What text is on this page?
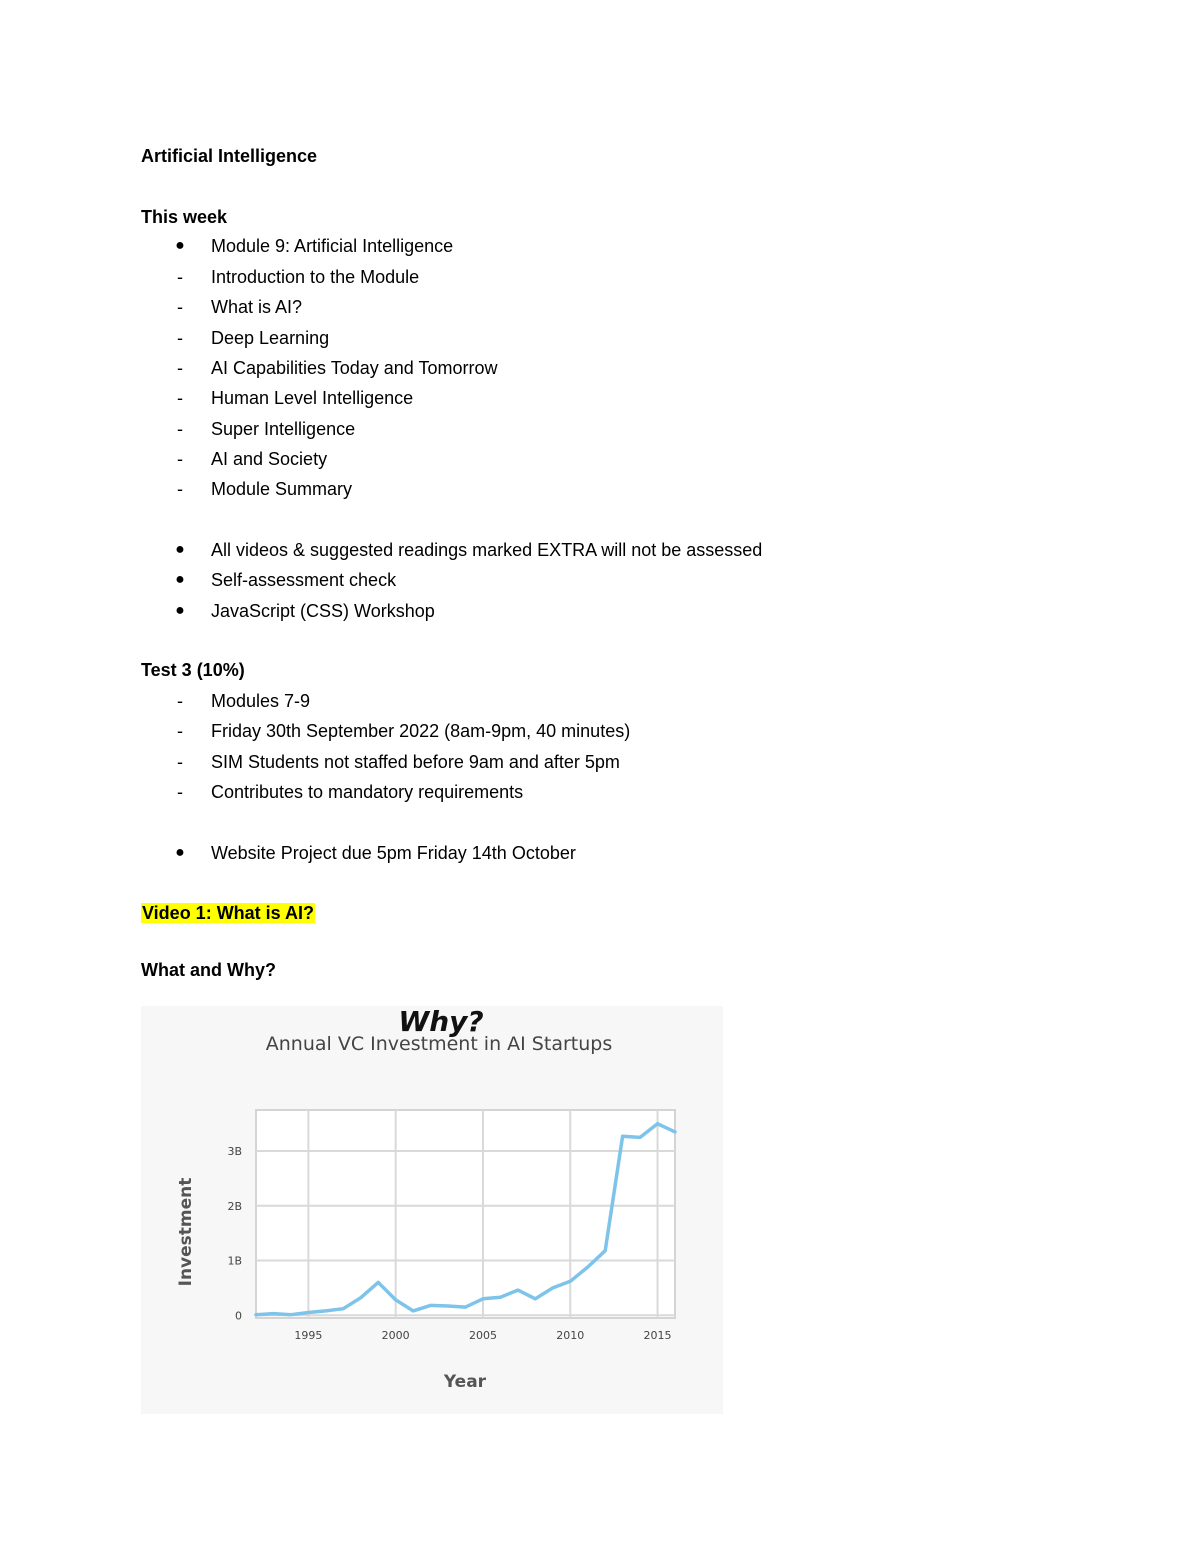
Artificial Intelligence
This week
● Module 9: Artificial Intelligence
- Introduction to the Module
- What is AI?
- Deep Learning
- AI Capabilities Today and Tomorrow
- Human Level Intelligence
- Super Intelligence
- AI and Society
- Module Summary
● All videos & suggested readings marked EXTRA will not be assessed
● Self-assessment check
● JavaScript (CSS) Workshop
Test 3 (10%)
- Modules 7-9
- Friday 30th September 2022 (8am-9pm, 40 minutes)
- SIM Students not staffed before 9am and after 5pm
- Contributes to mandatory requirements
● Website Project due 5pm Friday 14th October
Video 1: What is AI?
What and Why?
Why?
Annual VC Investment in AI Startups
1995	2000	2005	2010	2015
0
1B
2B
3B
Year
Investment
